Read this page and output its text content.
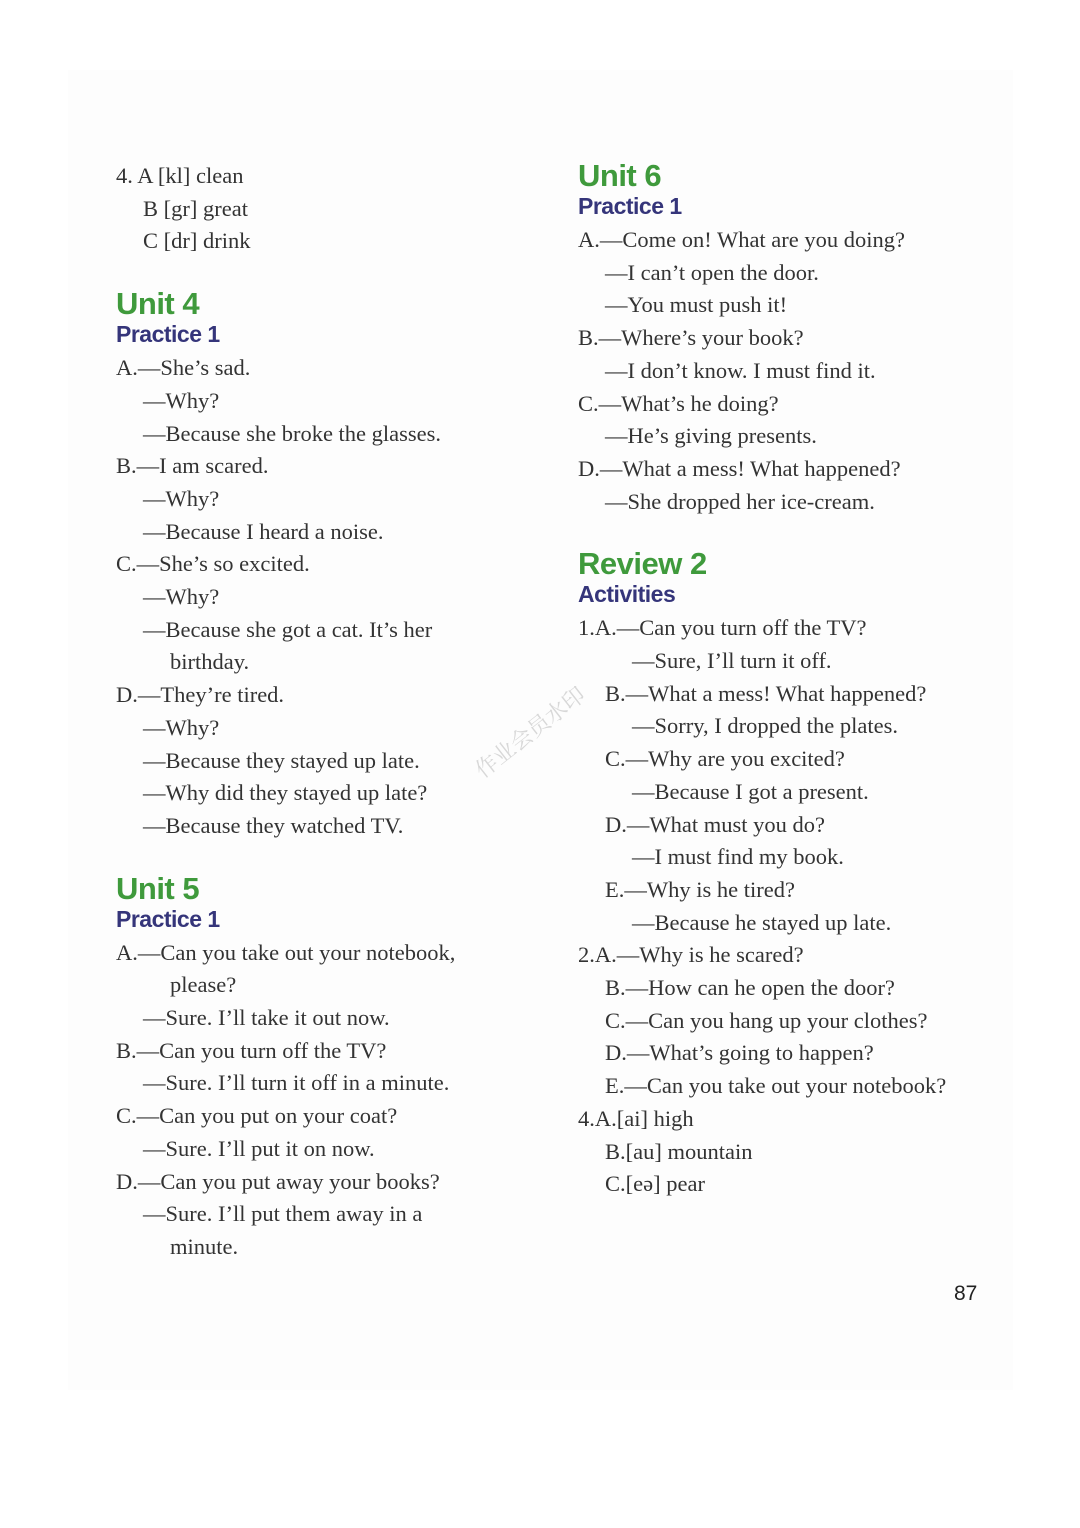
4. A [kl] clean
B [gr] great
C [dr] drink
Unit 4
Practice 1
A.—She’s sad.
—Why?
—Because she broke the glasses.
B.—I am scared.
—Why?
—Because I heard a noise.
C.—She’s so excited.
—Why?
—Because she got a cat. It’s her
birthday.
D.—They’re tired.
—Why?
—Because they stayed up late.
—Why did they stayed up late?
—Because they watched TV.
Unit 5
Practice 1
A.—Can you take out your notebook,
please?
—Sure. I’ll take it out now.
B.—Can you turn off the TV?
—Sure. I’ll turn it off in a minute.
C.—Can you put on your coat?
—Sure. I’ll put it on now.
D.—Can you put away your books?
—Sure. I’ll put them away in a
minute.
Unit 6
Practice 1
A.—Come on! What are you doing?
—I can’t open the door.
—You must push it!
B.—Where’s your book?
—I don’t know. I must find it.
C.—What’s he doing?
—He’s giving presents.
D.—What a mess! What happened?
—She dropped her ice-cream.
Review 2
Activities
1.A.—Can you turn off the TV?
—Sure, I’ll turn it off.
B.—What a mess! What happened?
—Sorry, I dropped the plates.
C.—Why are you excited?
—Because I got a present.
D.—What must you do?
—I must find my book.
E.—Why is he tired?
—Because he stayed up late.
2.A.—Why is he scared?
B.—How can he open the door?
C.—Can you hang up your clothes?
D.—What’s going to happen?
E.—Can you take out your notebook?
4.A.[ai] high
B.[au] mountain
C.[eə] pear
作业会员水印
87
